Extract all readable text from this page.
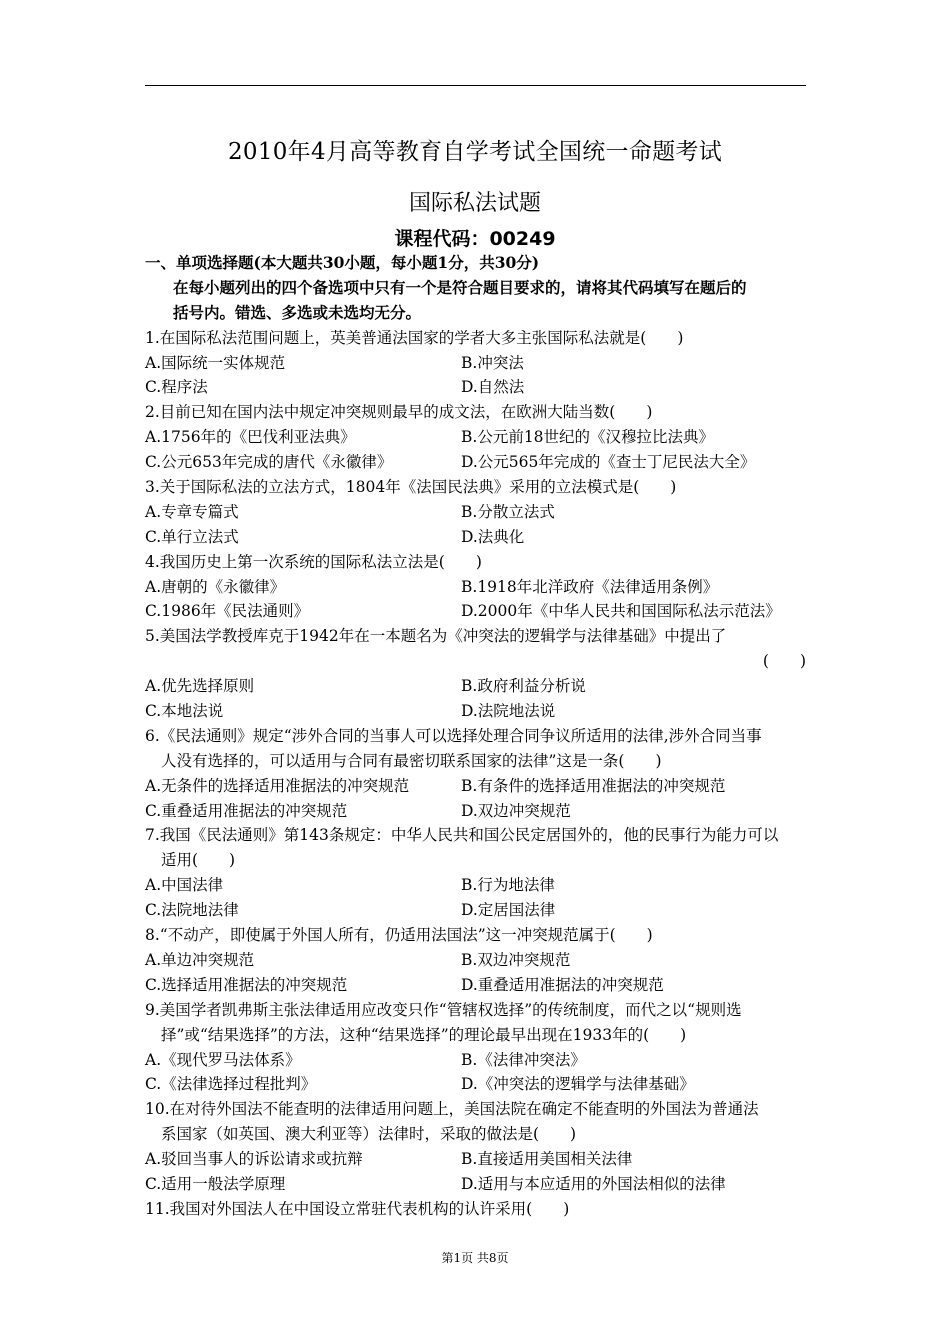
2010年4月高等教育自学考试全国统一命题考试
国际私法试题
课程代码：00249
一、单项选择题(本大题共30小题，每小题1分，共30分)
在每小题列出的四个备选项中只有一个是符合题目要求的，请将其代码填写在题后的
括号内。错选、多选或未选均无分。
1.在国际私法范围问题上，英美普通法国家的学者大多主张国际私法就是(　　)
A.国际统一实体规范	B.冲突法
C.程序法	D.自然法
2.目前已知在国内法中规定冲突规则最早的成文法，在欧洲大陆当数(　　)
A.1756年的《巴伐利亚法典》	B.公元前18世纪的《汉穆拉比法典》
C.公元653年完成的唐代《永徽律》	D.公元565年完成的《查士丁尼民法大全》
3.关于国际私法的立法方式，1804年《法国民法典》采用的立法模式是(　　)
A.专章专篇式	B.分散立法式
C.单行立法式	D.法典化
4.我国历史上第一次系统的国际私法立法是(　　)
A.唐朝的《永徽律》	B.1918年北洋政府《法律适用条例》
C.1986年《民法通则》	D.2000年《中华人民共和国国际私法示范法》
5.美国法学教授库克于1942年在一本题名为《冲突法的逻辑学与法律基础》中提出了
(　　)
A.优先选择原则	B.政府利益分析说
C.本地法说	D.法院地法说
6.《民法通则》规定“涉外合同的当事人可以选择处理合同争议所适用的法律,涉外合同当事
人没有选择的，可以适用与合同有最密切联系国家的法律”这是一条(　　)
A.无条件的选择适用准据法的冲突规范	B.有条件的选择适用准据法的冲突规范
C.重叠适用准据法的冲突规范	D.双边冲突规范
7.我国《民法通则》第143条规定：中华人民共和国公民定居国外的，他的民事行为能力可以
适用(　　)
A.中国法律	B.行为地法律
C.法院地法律	D.定居国法律
8.“不动产，即使属于外国人所有，仍适用法国法”这一冲突规范属于(　　)
A.单边冲突规范	B.双边冲突规范
C.选择适用准据法的冲突规范	D.重叠适用准据法的冲突规范
9.美国学者凯弗斯主张法律适用应改变只作“管辖权选择”的传统制度，而代之以“规则选
择”或“结果选择”的方法，这种“结果选择”的理论最早出现在1933年的(　　)
A.《现代罗马法体系》	B.《法律冲突法》
C.《法律选择过程批判》	D.《冲突法的逻辑学与法律基础》
10.在对待外国法不能查明的法律适用问题上，美国法院在确定不能查明的外国法为普通法
系国家（如英国、澳大利亚等）法律时，采取的做法是(　　)
A.驳回当事人的诉讼请求或抗辩	B.直接适用美国相关法律
C.适用一般法学原理	D.适用与本应适用的外国法相似的法律
11.我国对外国法人在中国设立常驻代表机构的认许采用(　　)
第1页 共8页
